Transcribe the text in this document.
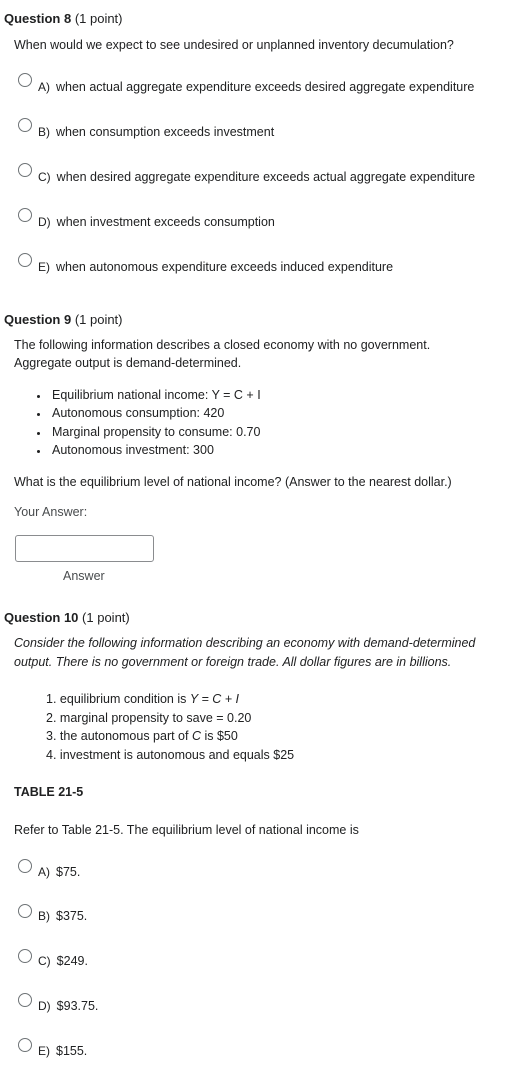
Question 8 (1 point)
When would we expect to see undesired or unplanned inventory decumulation?
A) when actual aggregate expenditure exceeds desired aggregate expenditure
B) when consumption exceeds investment
C) when desired aggregate expenditure exceeds actual aggregate expenditure
D) when investment exceeds consumption
E) when autonomous expenditure exceeds induced expenditure
Question 9 (1 point)
The following information describes a closed economy with no government.
Aggregate output is demand-determined.
Equilibrium national income: Y = C + I
Autonomous consumption: 420
Marginal propensity to consume: 0.70
Autonomous investment: 300
What is the equilibrium level of national income? (Answer to the nearest dollar.)
Your Answer:
Answer
Question 10 (1 point)
Consider the following information describing an economy with demand-determined
output. There is no government or foreign trade. All dollar figures are in billions.
1. equilibrium condition is Y = C + I
2. marginal propensity to save = 0.20
3. the autonomous part of C is $50
4. investment is autonomous and equals $25
TABLE 21-5
Refer to Table 21-5. The equilibrium level of national income is
A) $75.
B) $375.
C) $249.
D) $93.75.
E) $155.
